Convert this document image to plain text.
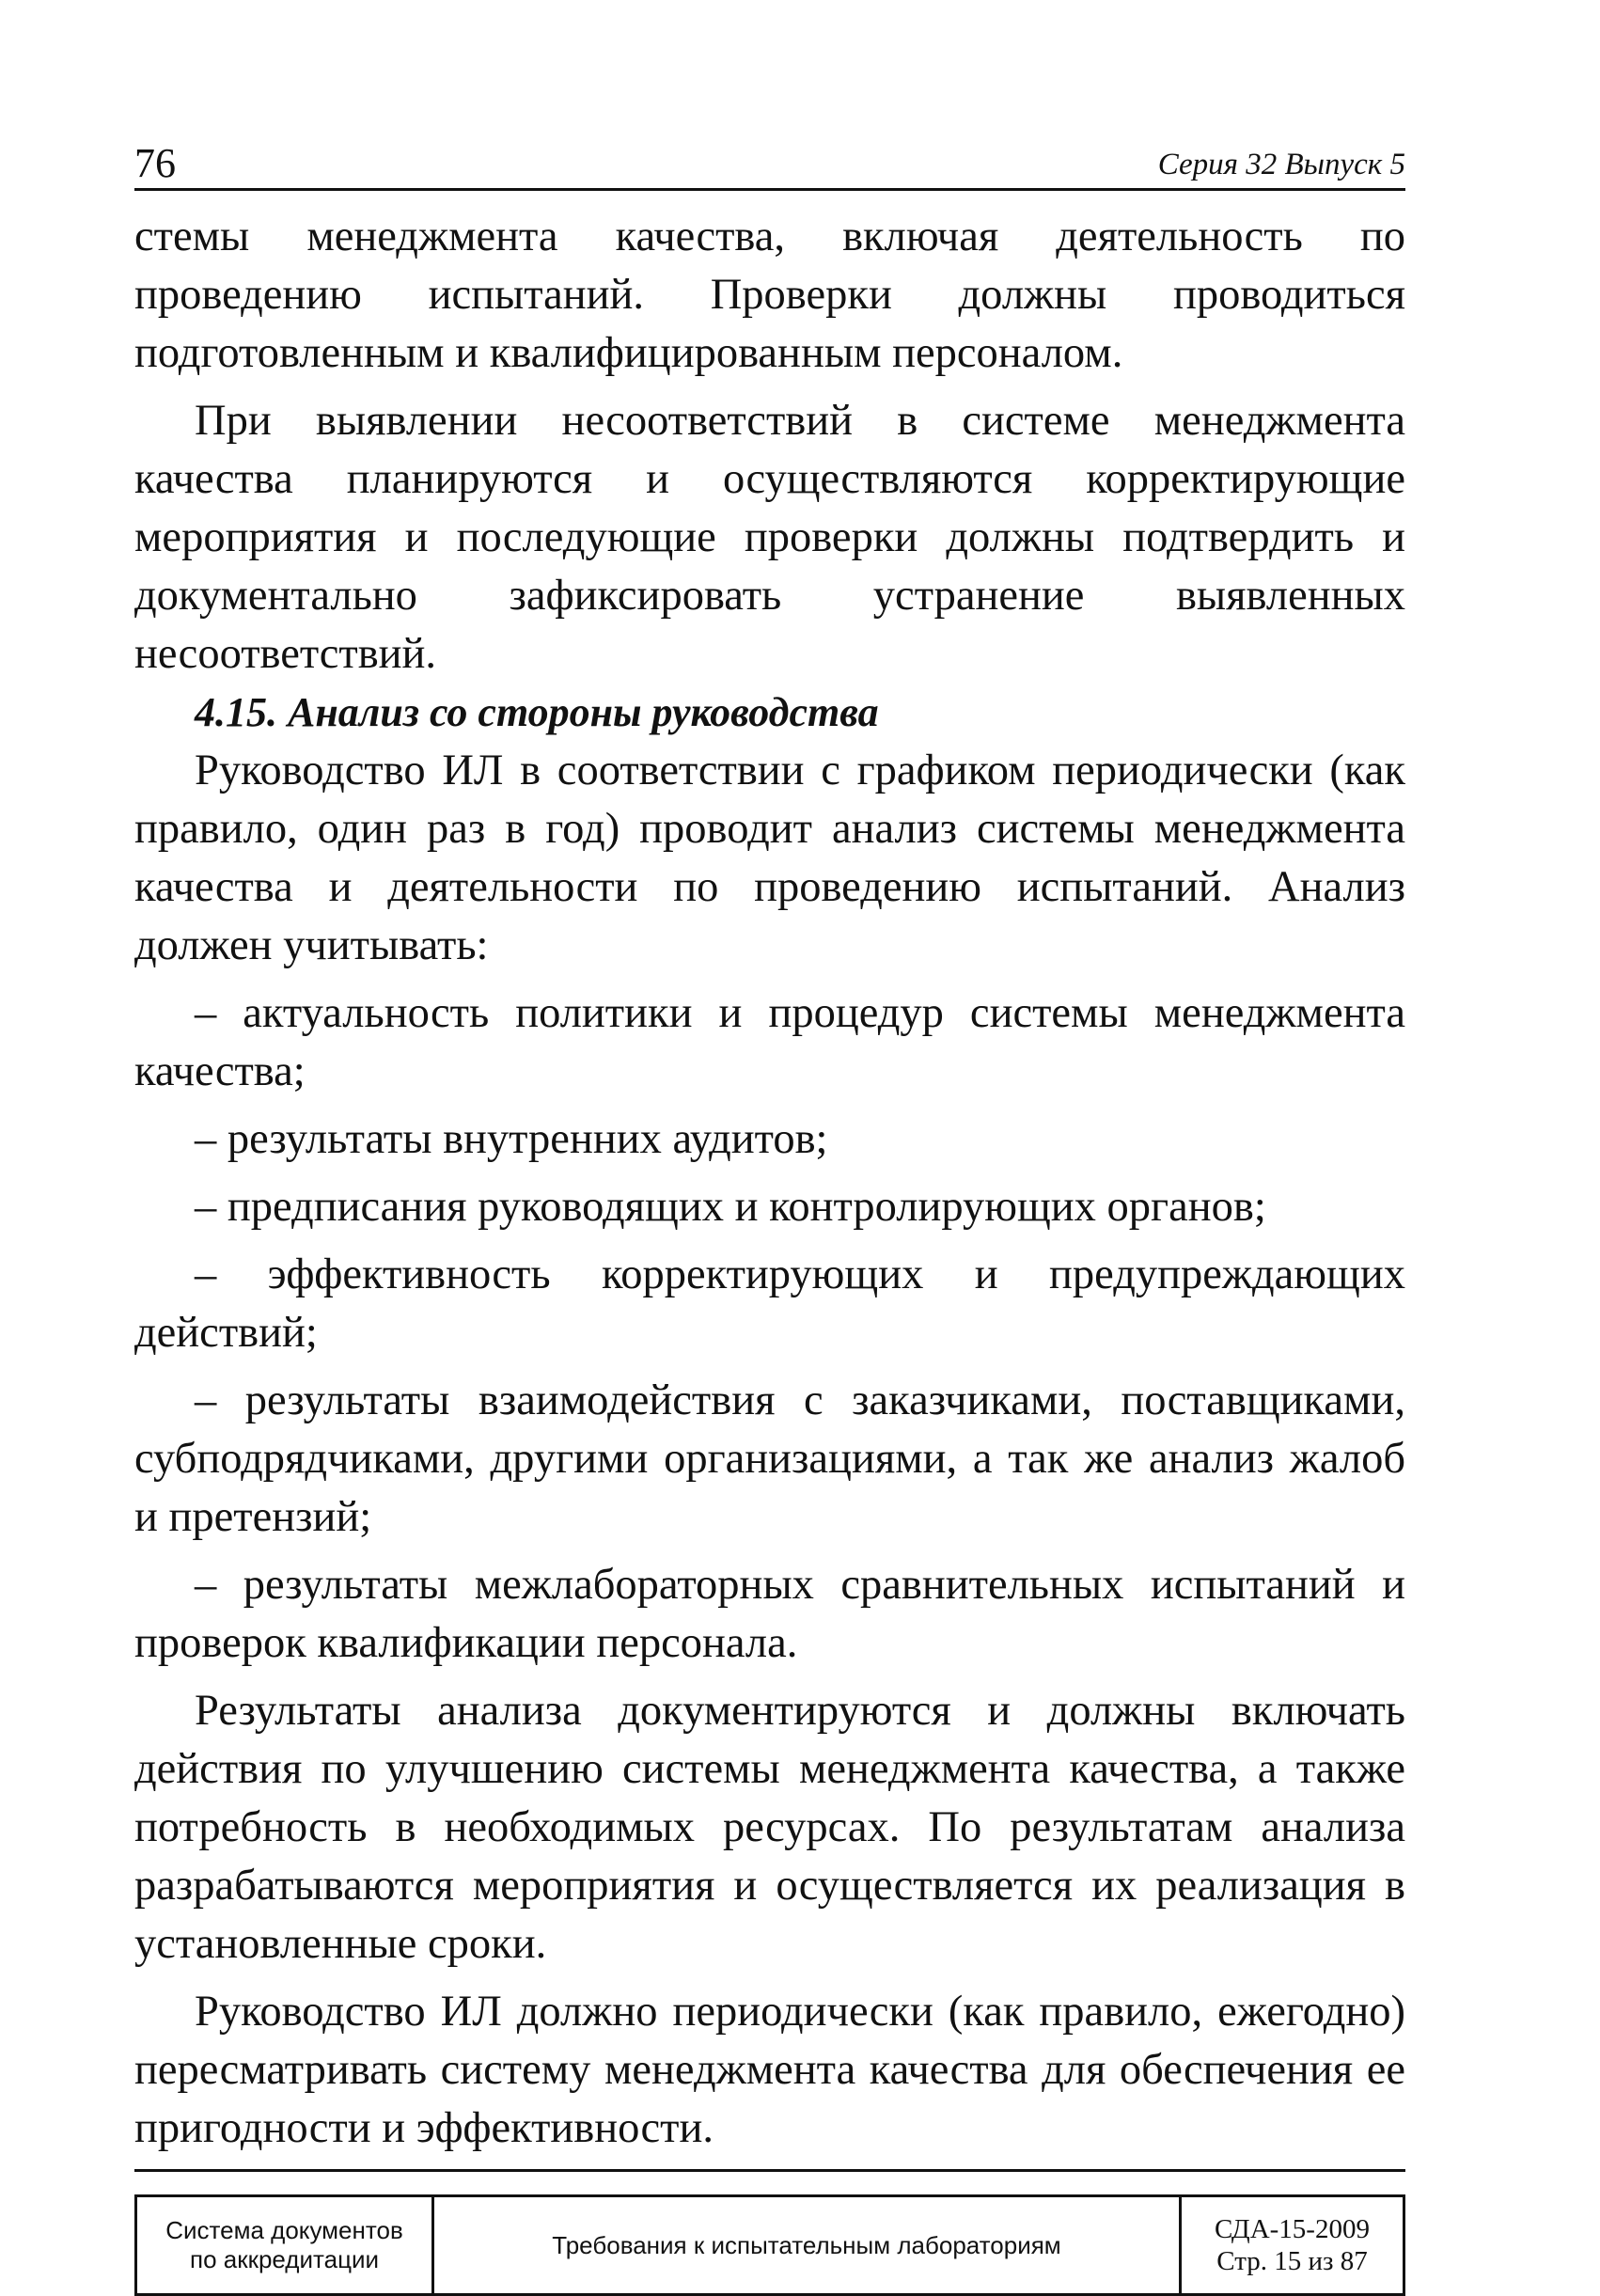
76	Серия 32 Выпуск 5

стемы менеджмента качества, включая деятельность по проведению испытаний. Проверки должны проводиться подготовленным и квалифицированным персоналом.

При выявлении несоответствий в системе менеджмента качества планируются и осуществляются корректирующие мероприятия и последующие проверки должны подтвердить и документально зафиксировать устранение выявленных несоответствий.

4.15. Анализ со стороны руководства

Руководство ИЛ в соответствии с графиком периодически (как правило, один раз в год) проводит анализ системы менеджмента качества и деятельности по проведению испытаний. Анализ должен учитывать:

– актуальность политики и процедур системы менеджмента качества;

– результаты внутренних аудитов;

– предписания руководящих и контролирующих органов;

– эффективность корректирующих и предупреждающих действий;

– результаты взаимодействия с заказчиками, поставщиками, субподрядчиками, другими организациями, а так же анализ жалоб и претензий;

– результаты межлабораторных сравнительных испытаний и проверок квалификации персонала.

Результаты анализа документируются и должны включать действия по улучшению системы менеджмента качества, а также потребность в необходимых ресурсах. По результатам анализа разрабатываются мероприятия и осуществляется их реализация в установленные сроки.

Руководство ИЛ должно периодически (как правило, ежегодно) пересматривать систему менеджмента качества для обеспечения ее пригодности и эффективности.

Система документов
по аккредитации
Требования к испытательным лабораториям
СДА-15-2009
Стр. 15 из 87
